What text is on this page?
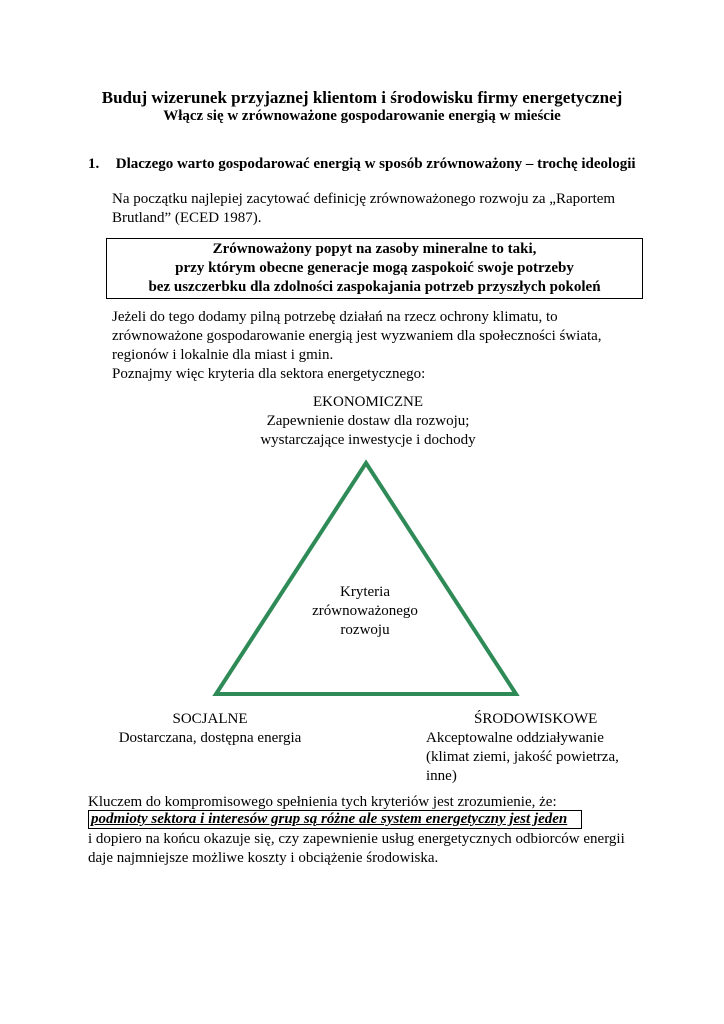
Buduj wizerunek przyjaznej klientom i środowisku firmy energetycznej
Włącz się w zrównoważone gospodarowanie energią w mieście
1. Dlaczego warto gospodarować energią w sposób zrównoważony – trochę ideologii
Na początku najlepiej zacytować definicję zrównoważonego rozwoju za „Raportem Brutland” (ECED 1987).
Zrównoważony popyt na zasoby mineralne to taki,
przy którym obecne generacje mogą zaspokoić swoje potrzeby
bez uszczerbku dla zdolności zaspokajania potrzeb przyszłych pokoleń
Jeżeli do tego dodamy pilną potrzebę działań na rzecz ochrony klimatu, to zrównoważone gospodarowanie energią jest wyzwaniem dla społeczności świata, regionów i lokalnie dla miast i gmin.
Poznajmy więc kryteria dla sektora energetycznego:
EKONOMICZNE
Zapewnienie dostaw dla rozwoju;
wystarczające inwestycje i dochody
Kryteria
zrównoważonego
rozwoju
SOCJALNE
Dostarczana, dostępna energia
ŚRODOWISKOWE
Akceptowalne oddziaływanie
(klimat ziemi, jakość powietrza,
inne)
Kluczem do kompromisowego spełnienia tych kryteriów jest zrozumienie, że:
podmioty sektora i interesów grup są różne ale system energetyczny jest jeden
i dopiero na końcu okazuje się, czy zapewnienie usług energetycznych odbiorców energii daje najmniejsze możliwe koszty i obciążenie środowiska.
